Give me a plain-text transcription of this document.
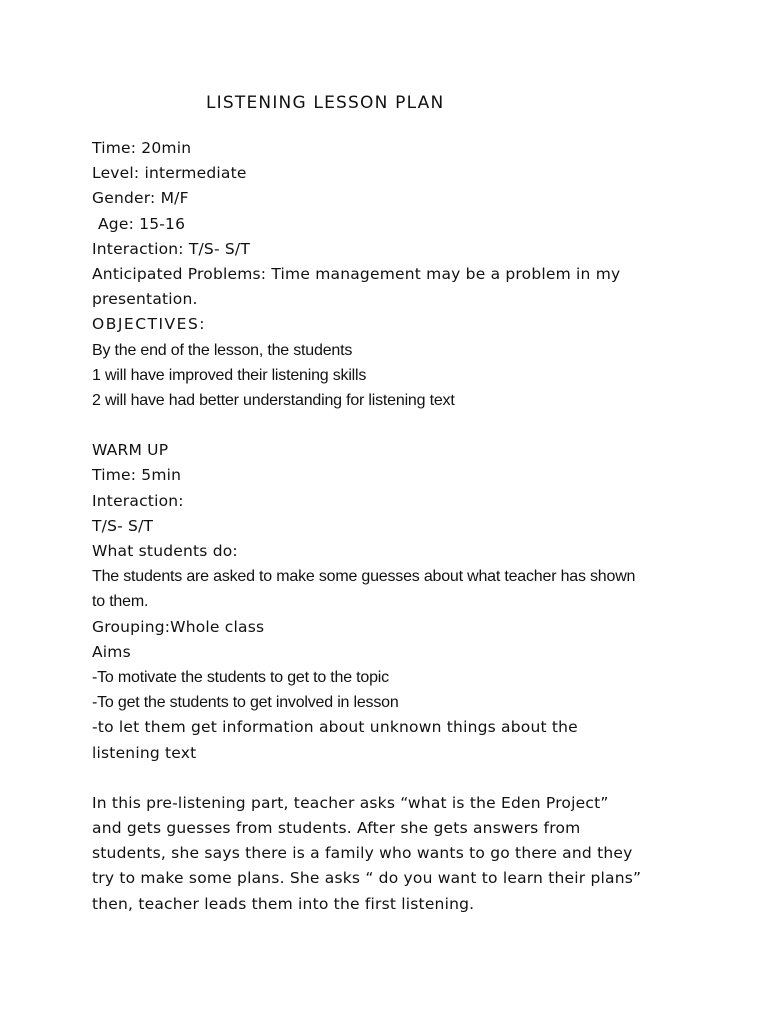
LISTENING LESSON PLAN
Time: 20min
Level: intermediate
Gender: M/F
Age: 15-16
Interaction: T/S- S/T
Anticipated Problems: Time management may be a problem in my
presentation.
OBJECTIVES:
By the end of the lesson, the students
1 will have improved their listening skills
2 will have had better understanding for listening text
WARM UP
Time: 5min
Interaction:
T/S- S/T
What students do:
The students are asked to make some guesses about what teacher has shown
to them.
Grouping:Whole class
Aims
-To motivate the students to get to the topic
-To get the students to get involved in lesson
-to let them get information about unknown things about the
listening text
In this pre-listening part, teacher asks “what is the Eden Project”
and gets guesses from students. After she gets answers from
students, she says there is a family who wants to go there and they
try to make some plans. She asks “ do you want to learn their plans”
then, teacher leads them into the first listening.
